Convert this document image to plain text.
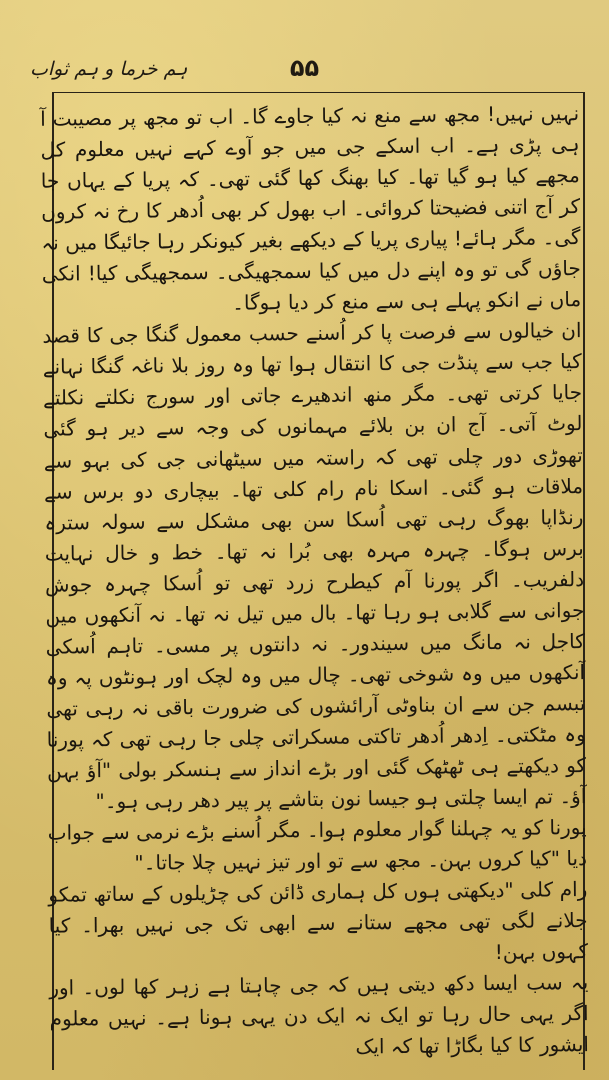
ہم خرما و ہم ثواب	۵۵

نہیں نہیں! مجھ سے منع نہ کیا جاوے گا۔ اب تو مجھ پر مصیبت آ ہی پڑی ہے۔ اب اسکے جی میں جو آوے کہے نہیں معلوم کل مجھے کیا ہو گیا تھا۔ کیا بھنگ کھا گئی تھی۔ کہ پریا کے یہاں جا کر آج اتنی فضیحتا کروائی۔ اب بھول کر بھی اُدھر کا رخ نہ کروں گی۔ مگر ہائے! پیاری پریا کے دیکھے بغیر کیونکر رہا جائیگا میں نہ جاؤں گی تو وہ اپنے دل میں کیا سمجھیگی۔ سمجھیگی کیا! انکی ماں نے انکو پہلے ہی سے منع کر دیا ہوگا۔

ان خیالوں سے فرصت پا کر اُسنے حسب معمول گنگا جی کا قصد کیا جب سے پنڈت جی کا انتقال ہوا تھا وہ روز بلا ناغہ گنگا نہانے جایا کرتی تھی۔ مگر منھ اندھیرے جاتی اور سورج نکلتے نکلتے لوٹ آتی۔ آج ان بن بلائے مہمانوں کی وجہ سے دیر ہو گئی تھوڑی دور چلی تھی کہ راستہ میں سیٹھانی جی کی بہو سے ملاقات ہو گئی۔ اسکا نام رام کلی تھا۔ بیچاری دو برس سے رنڈاپا بھوگ رہی تھی اُسکا سن بھی مشکل سے سولہ سترہ برس ہوگا۔ چہرہ مہرہ بھی بُرا نہ تھا۔ خط و خال نہایت دلفریب۔ اگر پورنا آم کیطرح زرد تھی تو اُسکا چہرہ جوش جوانی سے گلابی ہو رہا تھا۔ بال میں تیل نہ تھا۔ نہ آنکھوں میں کاجل نہ مانگ میں سیندور۔ نہ دانتوں پر مسی۔ تاہم اُسکی آنکھوں میں وہ شوخی تھی۔ چال میں وہ لچک اور ہونٹوں پہ وہ تبسم جن سے ان بناوٹی آرائشوں کی ضرورت باقی نہ رہی تھی وہ مٹکتی۔ اِدھر اُدھر تاکتی مسکراتی چلی جا رہی تھی کہ پورنا کو دیکھتے ہی ٹھٹھک گئی اور بڑے انداز سے ہنسکر بولی "آؤ بہن آؤ۔ تم ایسا چلتی ہو جیسا نون بتاشے پر پیر دھر رہی ہو۔"

پورنا کو یہ چہلنا گوار معلوم ہوا۔ مگر اُسنے بڑے نرمی سے جواب دیا "کیا کروں بہن۔ مجھ سے تو اور تیز نہیں چلا جاتا۔"

رام کلی "دیکھتی ہوں کل ہماری ڈائن کی چڑیلوں کے ساتھ تمکو جلانے لگی تھی مجھے ستانے سے ابھی تک جی نہیں بھرا۔ کیا کہوں بہن!

یہ سب ایسا دکھ دیتی ہیں کہ جی چاہتا ہے زہر کھا لوں۔ اور اگر یہی حال رہا تو ایک نہ ایک دن یہی ہونا ہے۔ نہیں معلوم ایشور کا کیا بگاڑا تھا کہ ایک
